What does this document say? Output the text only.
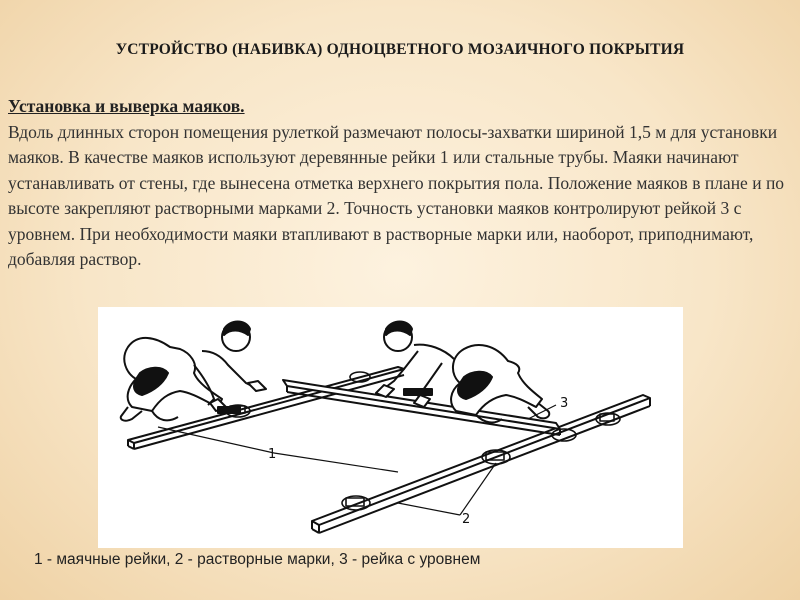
УСТРОЙСТВО (НАБИВКА) ОДНОЦВЕТНОГО МОЗАИЧНОГО ПОКРЫТИЯ
Установка и выверка маяков.
Вдоль длинных сторон помещения рулеткой размечают полосы-захватки шириной 1,5 м для установки маяков. В качестве маяков используют деревянные рейки 1 или стальные трубы. Маяки начинают устанавливать от стены, где вынесена отметка верхнего покрытия пола. Положение маяков в плане и по высоте закрепляют растворными марками 2. Точность установки маяков контролируют рейкой 3 с уровнем. При необходимости маяки втапливают в растворные марки или, наоборот, приподнимают, добавляя раствор.
1
2
3
1 - маячные рейки, 2 - растворные марки, 3 - рейка с уровнем
